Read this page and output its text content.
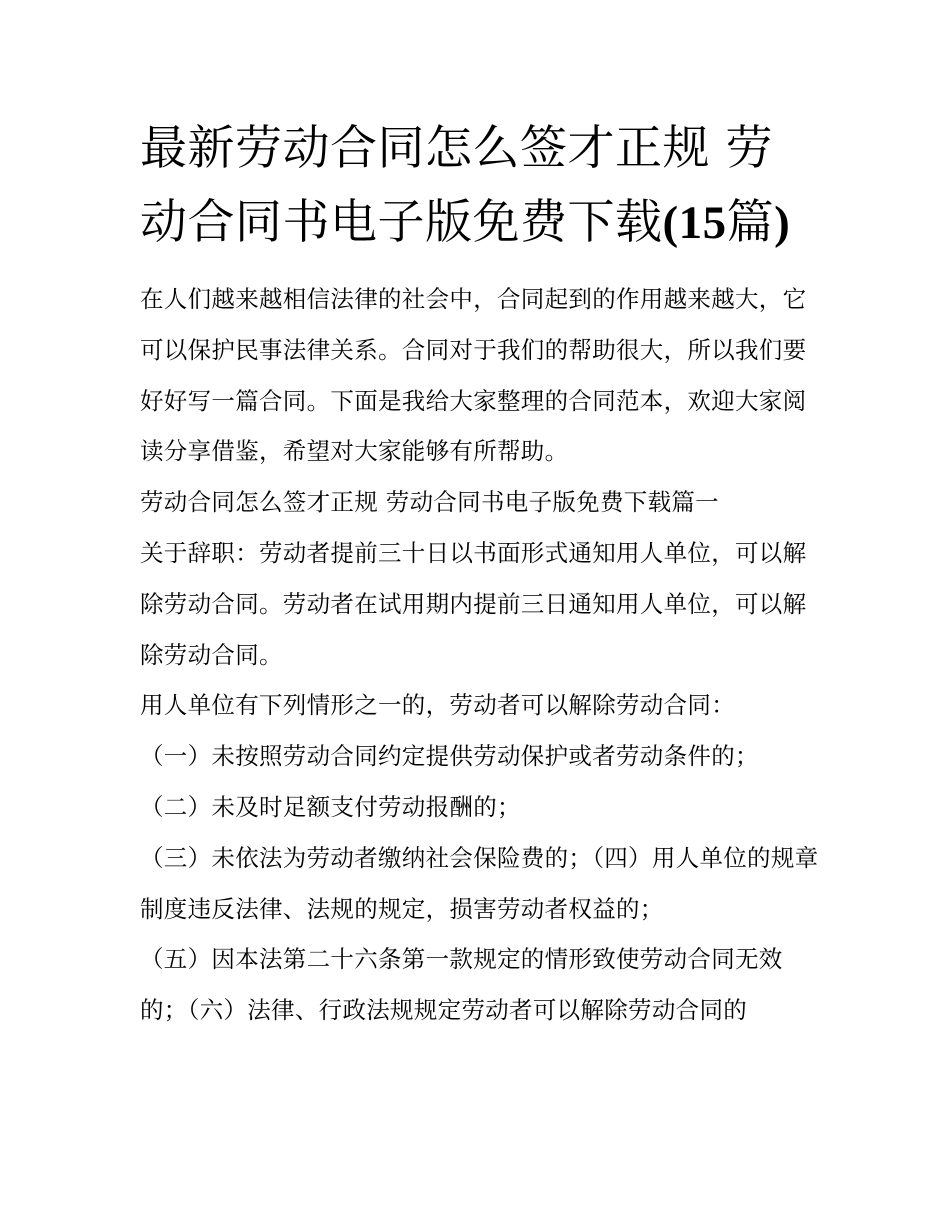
最新劳动合同怎么签才正规 劳动合同书电子版免费下载(15篇)

在人们越来越相信法律的社会中，合同起到的作用越来越大，它可以保护民事法律关系。合同对于我们的帮助很大，所以我们要好好写一篇合同。下面是我给大家整理的合同范本，欢迎大家阅读分享借鉴，希望对大家能够有所帮助。

劳动合同怎么签才正规 劳动合同书电子版免费下载篇一

关于辞职：劳动者提前三十日以书面形式通知用人单位，可以解除劳动合同。劳动者在试用期内提前三日通知用人单位，可以解除劳动合同。

用人单位有下列情形之一的，劳动者可以解除劳动合同：

（一）未按照劳动合同约定提供劳动保护或者劳动条件的；

（二）未及时足额支付劳动报酬的；

（三）未依法为劳动者缴纳社会保险费的；（四）用人单位的规章制度违反法律、法规的规定，损害劳动者权益的；

（五）因本法第二十六条第一款规定的情形致使劳动合同无效的；（六）法律、行政法规规定劳动者可以解除劳动合同的
